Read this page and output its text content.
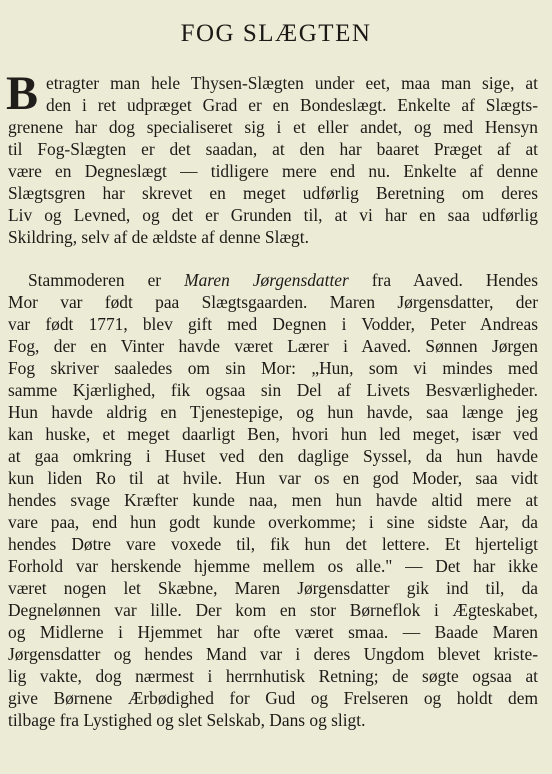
FOG SLÆGTEN
B etragter man hele Thysen-Slægten under eet, maa man sige, at
den i ret udpræget Grad er en Bondeslægt. Enkelte af Slægts-
grenene har dog specialiseret sig i et eller andet, og med Hensyn
til Fog-Slægten er det saadan, at den har baaret Præget af at
være en Degneslægt — tidligere mere end nu. Enkelte af denne
Slægtsgren har skrevet en meget udførlig Beretning om deres
Liv og Levned, og det er Grunden til, at vi har en saa udførlig
Skildring, selv af de ældste af denne Slægt.
Stammoderen er Maren Jørgensdatter fra Aaved. Hendes
Mor var født paa Slægtsgaarden. Maren Jørgensdatter, der
var født 1771, blev gift med Degnen i Vodder, Peter Andreas
Fog, der en Vinter havde været Lærer i Aaved. Sønnen Jørgen
Fog skriver saaledes om sin Mor: „Hun, som vi mindes med
samme Kjærlighed, fik ogsaa sin Del af Livets Besværligheder.
Hun havde aldrig en Tjenestepige, og hun havde, saa længe jeg
kan huske, et meget daarligt Ben, hvori hun led meget, især ved
at gaa omkring i Huset ved den daglige Syssel, da hun havde
kun liden Ro til at hvile. Hun var os en god Moder, saa vidt
hendes svage Kræfter kunde naa, men hun havde altid mere at
vare paa, end hun godt kunde overkomme; i sine sidste Aar, da
hendes Døtre vare voxede til, fik hun det lettere. Et hjerteligt
Forhold var herskende hjemme mellem os alle." — Det har ikke
været nogen let Skæbne, Maren Jørgensdatter gik ind til, da
Degnelønnen var lille. Der kom en stor Børneflok i Ægteskabet,
og Midlerne i Hjemmet har ofte været smaa. — Baade Maren
Jørgensdatter og hendes Mand var i deres Ungdom blevet kriste-
lig vakte, dog nærmest i herrnhutisk Retning; de søgte ogsaa at
give Børnene Ærbødighed for Gud og Frelseren og holdt dem
tilbage fra Lystighed og slet Selskab, Dans og sligt.
